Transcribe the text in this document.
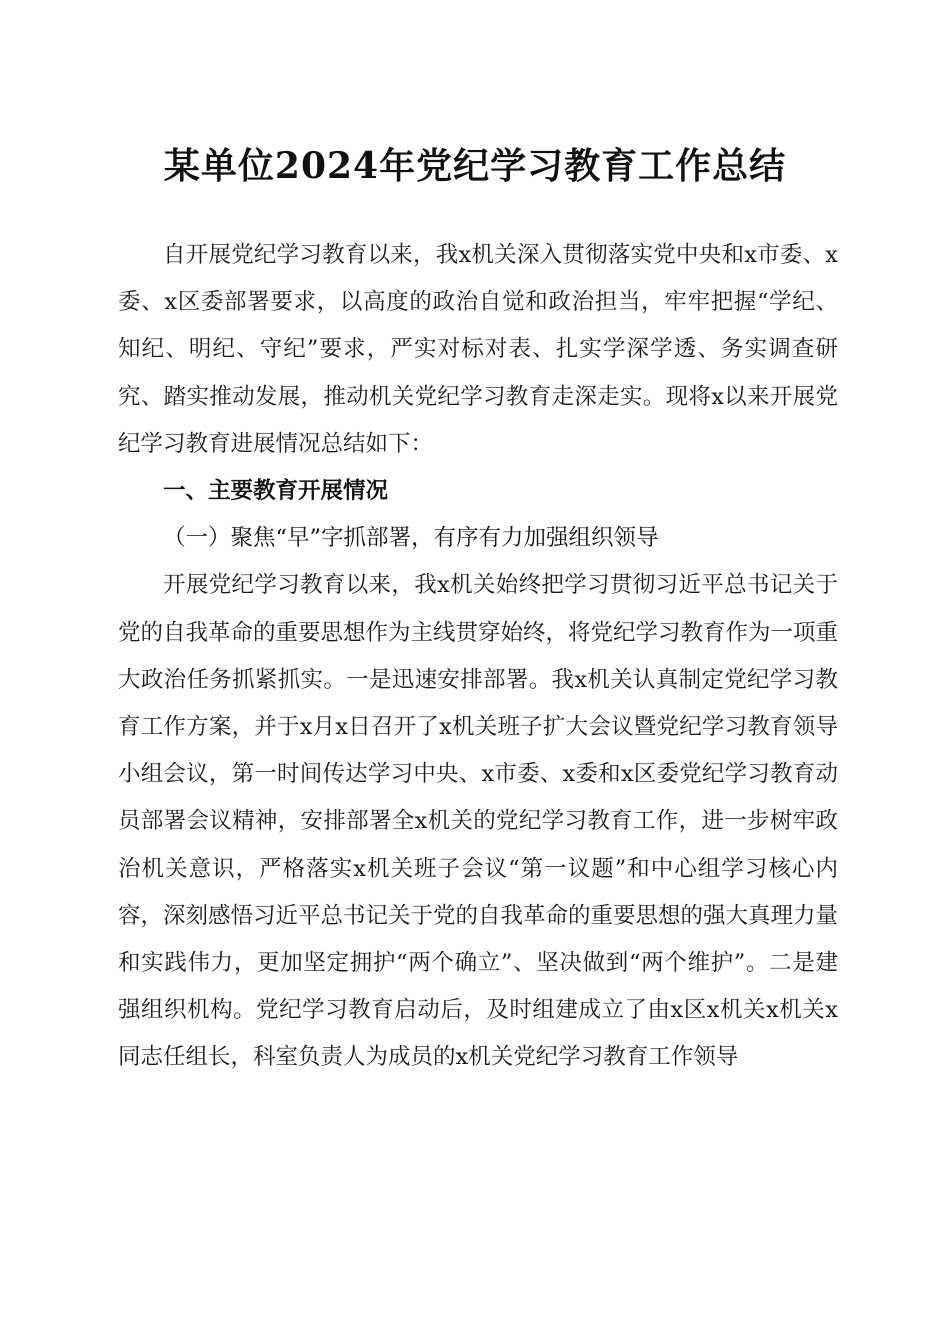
某单位2024年党纪学习教育工作总结

自开展党纪学习教育以来，我x机关深入贯彻落实党中央和x市委、x委、x区委部署要求，以高度的政治自觉和政治担当，牢牢把握“学纪、知纪、明纪、守纪”要求，严实对标对表、扎实学深学透、务实调查研究、踏实推动发展，推动机关党纪学习教育走深走实。现将x以来开展党纪学习教育进展情况总结如下：

一、主要教育开展情况
（一）聚焦“早”字抓部署，有序有力加强组织领导

开展党纪学习教育以来，我x机关始终把学习贯彻习近平总书记关于党的自我革命的重要思想作为主线贯穿始终，将党纪学习教育作为一项重大政治任务抓紧抓实。一是迅速安排部署。我x机关认真制定党纪学习教育工作方案，并于x月x日召开了x机关班子扩大会议暨党纪学习教育领导小组会议，第一时间传达学习中央、x市委、x委和x区委党纪学习教育动员部署会议精神，安排部署全x机关的党纪学习教育工作，进一步树牢政治机关意识，严格落实x机关班子会议“第一议题”和中心组学习核心内容，深刻感悟习近平总书记关于党的自我革命的重要思想的强大真理力量和实践伟力，更加坚定拥护“两个确立”、坚决做到“两个维护”。二是建强组织机构。党纪学习教育启动后，及时组建成立了由x区x机关x机关x同志任组长，科室负责人为成员的x机关党纪学习教育工作领导
